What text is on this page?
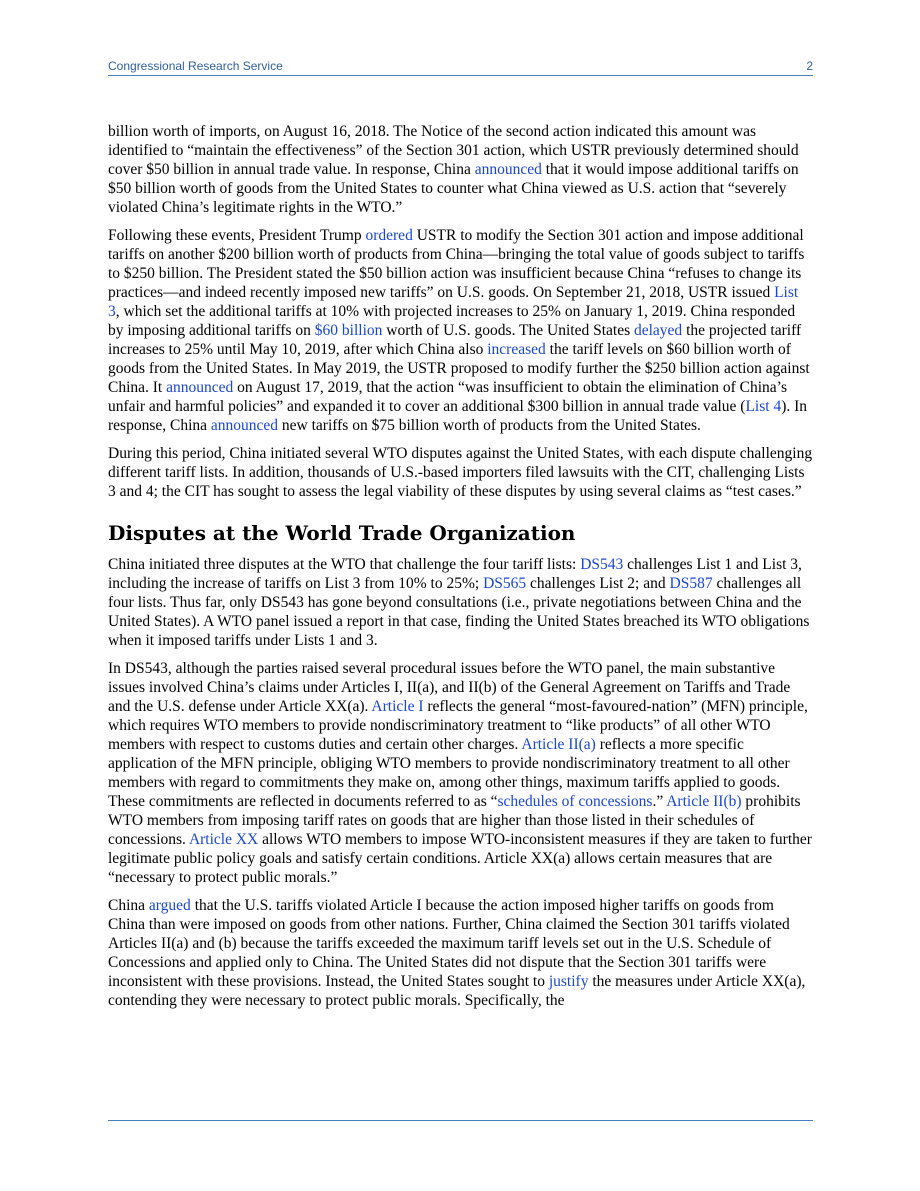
Congressional Research Service	2

billion worth of imports, on August 16, 2018. The Notice of the second action indicated this amount was identified to “maintain the effectiveness” of the Section 301 action, which USTR previously determined should cover $50 billion in annual trade value. In response, China announced that it would impose additional tariffs on $50 billion worth of goods from the United States to counter what China viewed as U.S. action that “severely violated China’s legitimate rights in the WTO.”

Following these events, President Trump ordered USTR to modify the Section 301 action and impose additional tariffs on another $200 billion worth of products from China—bringing the total value of goods subject to tariffs to $250 billion. The President stated the $50 billion action was insufficient because China “refuses to change its practices—and indeed recently imposed new tariffs” on U.S. goods. On September 21, 2018, USTR issued List 3, which set the additional tariffs at 10% with projected increases to 25% on January 1, 2019. China responded by imposing additional tariffs on $60 billion worth of U.S. goods. The United States delayed the projected tariff increases to 25% until May 10, 2019, after which China also increased the tariff levels on $60 billion worth of goods from the United States. In May 2019, the USTR proposed to modify further the $250 billion action against China. It announced on August 17, 2019, that the action “was insufficient to obtain the elimination of China’s unfair and harmful policies” and expanded it to cover an additional $300 billion in annual trade value (List 4). In response, China announced new tariffs on $75 billion worth of products from the United States.

During this period, China initiated several WTO disputes against the United States, with each dispute challenging different tariff lists. In addition, thousands of U.S.-based importers filed lawsuits with the CIT, challenging Lists 3 and 4; the CIT has sought to assess the legal viability of these disputes by using several claims as “test cases.”

Disputes at the World Trade Organization

China initiated three disputes at the WTO that challenge the four tariff lists: DS543 challenges List 1 and List 3, including the increase of tariffs on List 3 from 10% to 25%; DS565 challenges List 2; and DS587 challenges all four lists. Thus far, only DS543 has gone beyond consultations (i.e., private negotiations between China and the United States). A WTO panel issued a report in that case, finding the United States breached its WTO obligations when it imposed tariffs under Lists 1 and 3.

In DS543, although the parties raised several procedural issues before the WTO panel, the main substantive issues involved China’s claims under Articles I, II(a), and II(b) of the General Agreement on Tariffs and Trade and the U.S. defense under Article XX(a). Article I reflects the general “most-favoured-nation” (MFN) principle, which requires WTO members to provide nondiscriminatory treatment to “like products” of all other WTO members with respect to customs duties and certain other charges. Article II(a) reflects a more specific application of the MFN principle, obliging WTO members to provide nondiscriminatory treatment to all other members with regard to commitments they make on, among other things, maximum tariffs applied to goods. These commitments are reflected in documents referred to as “schedules of concessions.” Article II(b) prohibits WTO members from imposing tariff rates on goods that are higher than those listed in their schedules of concessions. Article XX allows WTO members to impose WTO-inconsistent measures if they are taken to further legitimate public policy goals and satisfy certain conditions. Article XX(a) allows certain measures that are “necessary to protect public morals.”

China argued that the U.S. tariffs violated Article I because the action imposed higher tariffs on goods from China than were imposed on goods from other nations. Further, China claimed the Section 301 tariffs violated Articles II(a) and (b) because the tariffs exceeded the maximum tariff levels set out in the U.S. Schedule of Concessions and applied only to China. The United States did not dispute that the Section 301 tariffs were inconsistent with these provisions. Instead, the United States sought to justify the measures under Article XX(a), contending they were necessary to protect public morals. Specifically, the
